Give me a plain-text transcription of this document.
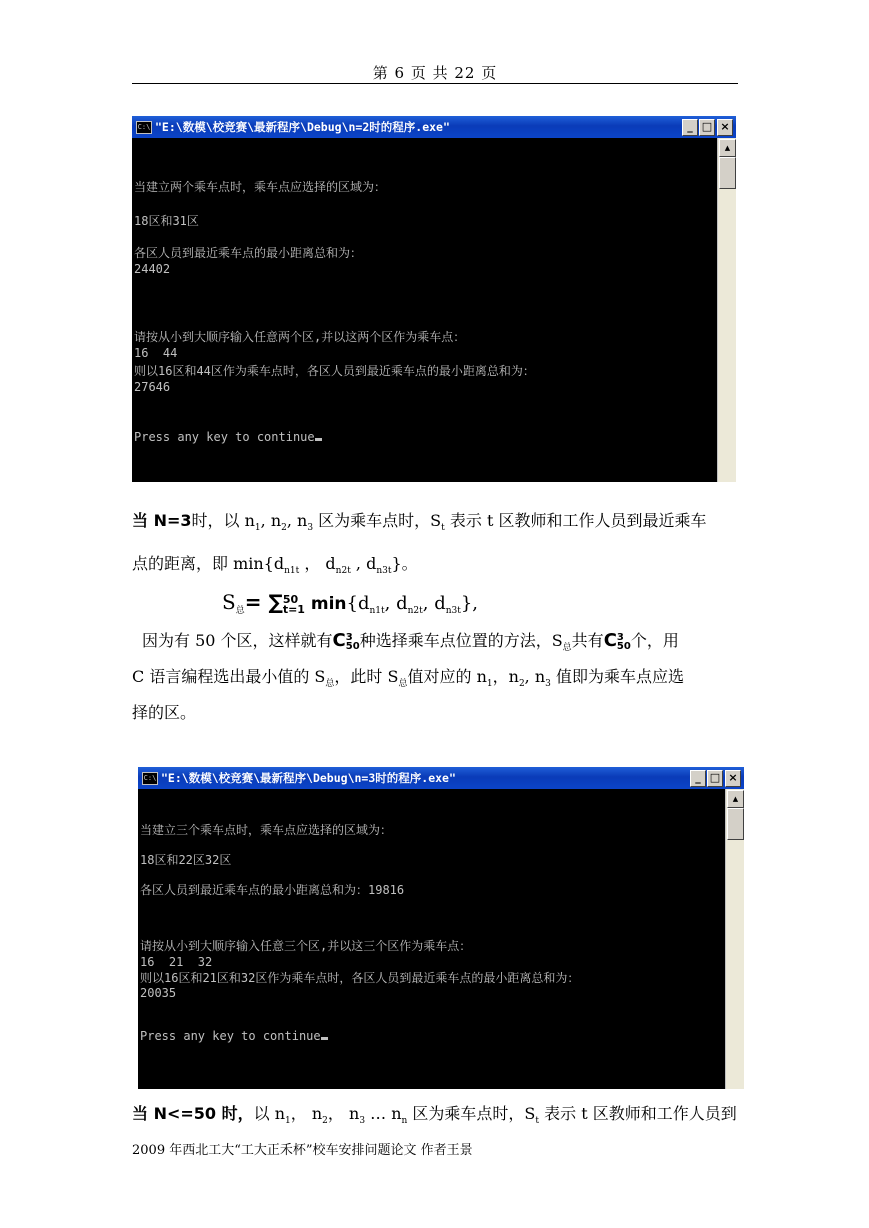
第 6 页 共 22 页
C:\ "E:\数模\校竞赛\最新程序\Debug\n=2时的程序.exe"	_ □ ×

当建立两个乘车点时，乘车点应选择的区域为：

18区和31区

各区人员到最近乘车点的最小距离总和为：

24402

请按从小到大顺序输入任意两个区,并以这两个区作为乘车点：

16  44

则以16区和44区作为乘车点时，各区人员到最近乘车点的最小距离总和为：

27646

Press any key to continue

▲
当 N=3时，以 $n_1$, $n_2$, $n_3$ 区为乘车点时，$S_t$ 表示 t 区教师和工作人员到最近乘车
点的距离，即 $\min\{d_{n1t}$ ， $d_{n2t}$ , $d_{n3t}$}。
$S_总=$ ∑ 50
t=1 $\min\{d_{n1t}$, $d_{n2t}$, $d_{n3t}$},
因为有 50 个区，这样就有C 3
50 种选择乘车点位置的方法，$S_总$共有C 3
50 个，用
C 语言编程选出最小值的 $S_总$，此时 $S_总$值对应的 $n_1$，$n_2$, $n_3$ 值即为乘车点应选
择的区。
C:\ "E:\数模\校竞赛\最新程序\Debug\n=3时的程序.exe"	_ □ ×

当建立三个乘车点时，乘车点应选择的区域为：

18区和22区32区

各区人员到最近乘车点的最小距离总和为：19816

请按从小到大顺序输入任意三个区,并以这三个区作为乘车点：

16  21  32

则以16区和21区和32区作为乘车点时，各区人员到最近乘车点的最小距离总和为：

20035

Press any key to continue

▲
当 N<=50 时，以 $n_1$， $n_2$， $n_3$ … $n_n$ 区为乘车点时，$S_t$ 表示 t 区教师和工作人员到
2009 年西北工大“工大正禾杯”校车安排问题论文 作者王景
